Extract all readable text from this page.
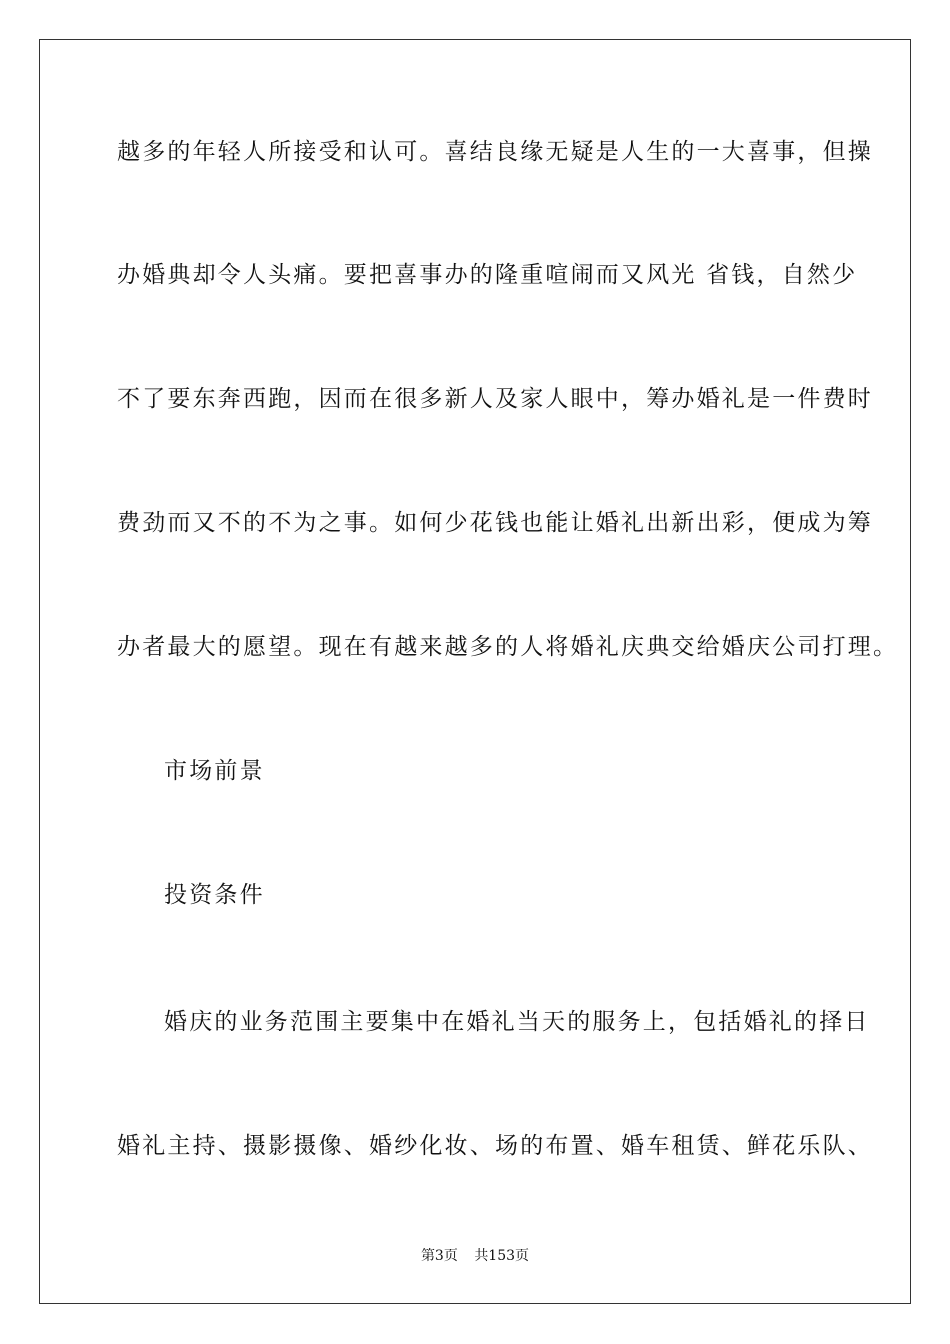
越多的年轻人所接受和认可。喜结良缘无疑是人生的一大喜事，但操
办婚典却令人头痛。要把喜事办的隆重喧闹而又风光 省钱，自然少
不了要东奔西跑，因而在很多新人及家人眼中，筹办婚礼是一件费时
费劲而又不的不为之事。如何少花钱也能让婚礼出新出彩，便成为筹
办者最大的愿望。现在有越来越多的人将婚礼庆典交给婚庆公司打理。
市场前景
投资条件
婚庆的业务范围主要集中在婚礼当天的服务上，包括婚礼的择日
婚礼主持、摄影摄像、婚纱化妆、场的布置、婚车租赁、鲜花乐队、
第3页 共153页
